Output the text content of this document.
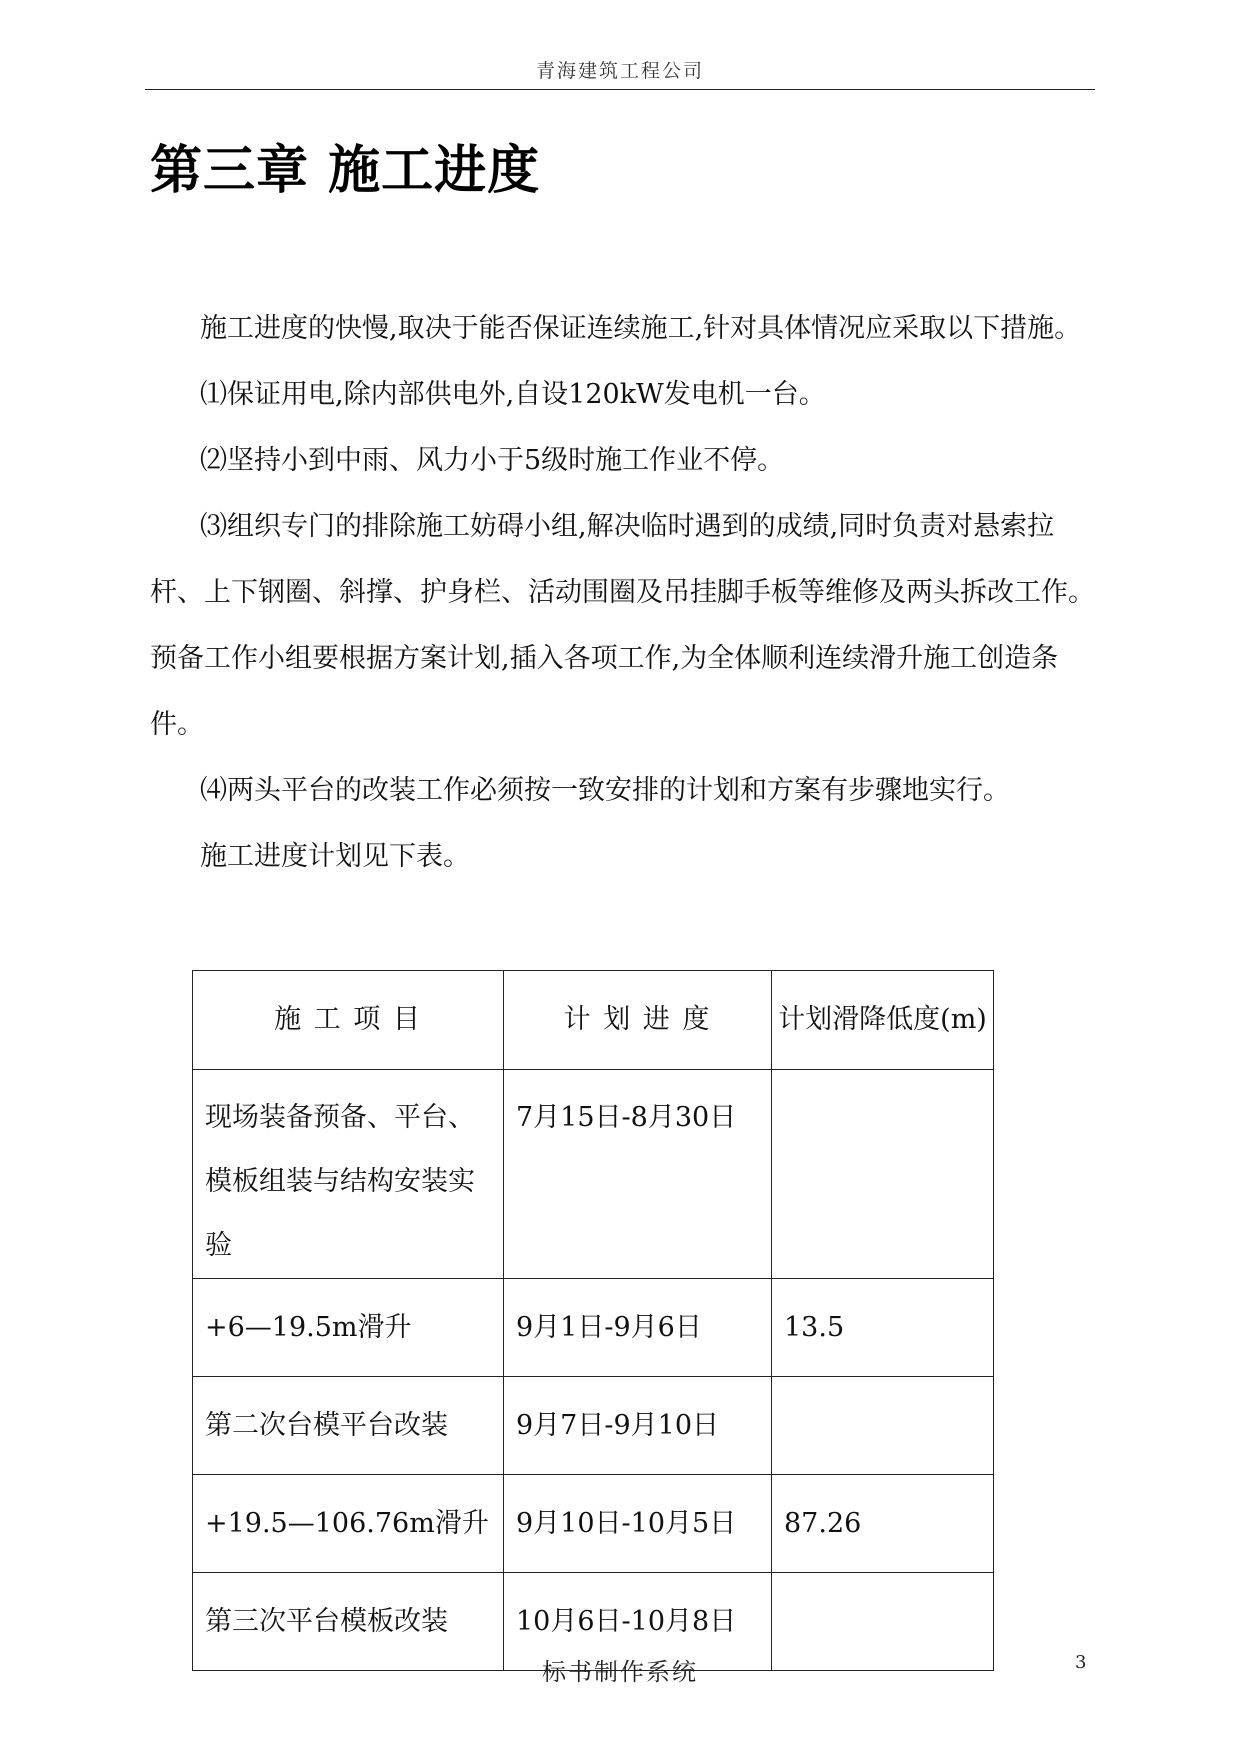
青海建筑工程公司
第三章 施工进度

施工进度的快慢,取决于能否保证连续施工,针对具体情况应采取以下措施。

⑴保证用电,除内部供电外,自设120kW发电机一台。

⑵坚持小到中雨、风力小于5级时施工作业不停。

⑶组织专门的排除施工妨碍小组,解决临时遇到的成绩,同时负责对悬索拉杆、上下钢圈、斜撑、护身栏、活动围圈及吊挂脚手板等维修及两头拆改工作。预备工作小组要根据方案计划,插入各项工作,为全体顺利连续滑升施工创造条件。

⑷两头平台的改装工作必须按一致安排的计划和方案有步骤地实行。

施工进度计划见下表。

施 工 项 目	计 划 进 度	计划滑降低度(m)
现场装备预备、平台、模板组装与结构安装实验	7月15日-8月30日	
+6—19.5m滑升	9月1日-9月6日	13.5
第二次台模平台改装	9月7日-9月10日	
+19.5—106.76m滑升	9月10日-10月5日	87.26
第三次平台模板改装	10月6日-10月8日	
标书制作系统	3
